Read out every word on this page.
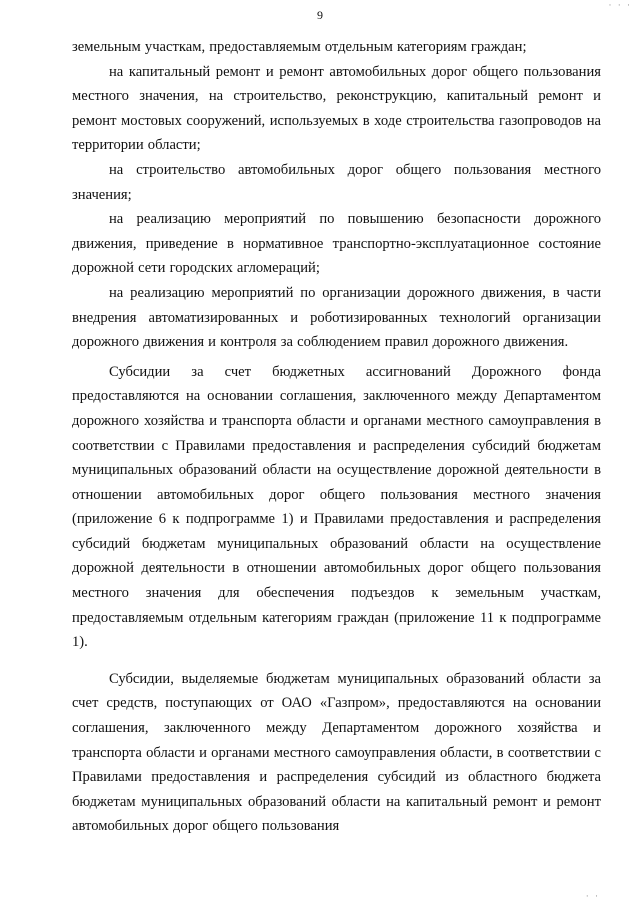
· · ·
9

земельным участкам, предоставляемым отдельным категориям граждан;

на капитальный ремонт и ремонт автомобильных дорог общего пользования местного значения, на строительство, реконструкцию, капитальный ремонт и ремонт мостовых сооружений, используемых в ходе строительства газопроводов на территории области;

на строительство автомобильных дорог общего пользования местного значения;

на реализацию мероприятий по повышению безопасности дорожного движения, приведение в нормативное транспортно-эксплуатационное состояние дорожной сети городских агломераций;

на реализацию мероприятий по организации дорожного движения, в части внедрения автоматизированных и роботизированных технологий организации дорожного движения и контроля за соблюдением правил дорожного движения.

Субсидии за счет бюджетных ассигнований Дорожного фонда предоставляются на основании соглашения, заключенного между Департаментом дорожного хозяйства и транспорта области и органами местного самоуправления в соответствии с Правилами предоставления и распределения субсидий бюджетам муниципальных образований области на осуществление дорожной деятельности в отношении автомобильных дорог общего пользования местного значения (приложение 6 к подпрограмме 1) и Правилами предоставления и распределения субсидий бюджетам муниципальных образований области на осуществление дорожной деятельности в отношении автомобильных дорог общего пользования местного значения для обеспечения подъездов к земельным участкам, предоставляемым отдельным категориям граждан (приложение 11 к подпрограмме 1).

Субсидии, выделяемые бюджетам муниципальных образований области за счет средств, поступающих от ОАО «Газпром», предоставляются на основании соглашения, заключенного между Департаментом дорожного хозяйства и транспорта области и органами местного самоуправления области, в соответствии с Правилами предоставления и распределения субсидий из областного бюджета бюджетам муниципальных образований области на капитальный ремонт и ремонт автомобильных дорог общего пользования

· ·
